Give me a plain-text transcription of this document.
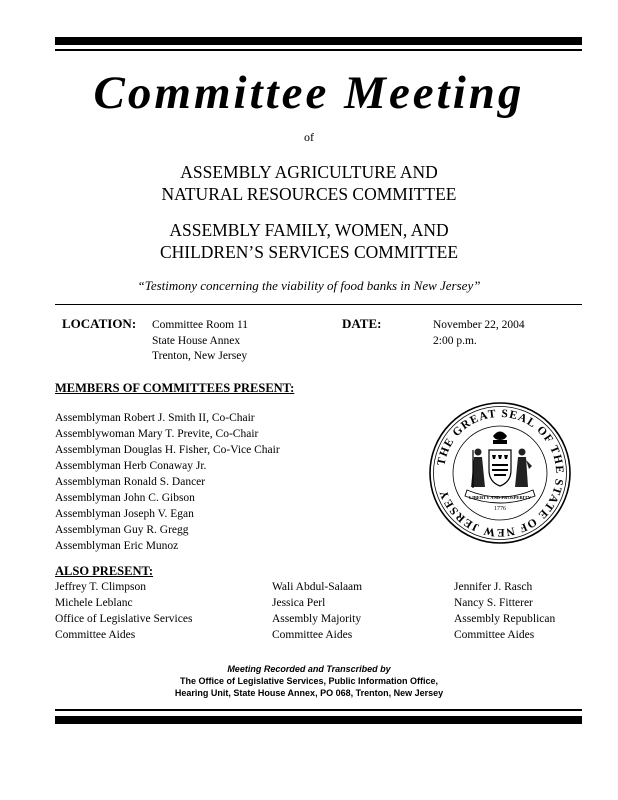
Committee Meeting
of
ASSEMBLY AGRICULTURE AND
NATURAL RESOURCES COMMITTEE
ASSEMBLY FAMILY, WOMEN, AND
CHILDREN’S SERVICES COMMITTEE
“Testimony concerning the viability of food banks in New Jersey”
LOCATION: Committee Room 11
State House Annex
Trenton, New Jersey
DATE:	November 22, 2004
2:00 p.m.
MEMBERS OF COMMITTEES PRESENT:
Assemblyman Robert J. Smith II, Co-Chair
Assemblywoman Mary T. Previte, Co-Chair
Assemblyman Douglas H. Fisher, Co-Vice Chair
Assemblyman Herb Conaway Jr.
Assemblyman Ronald S. Dancer
Assemblyman John C. Gibson
Assemblyman Joseph V. Egan
Assemblyman Guy R. Gregg
Assemblyman Eric Munoz
THE GREAT SEAL OF THE STATE OF NEW JERSEY	LIBERTY AND PROSPERITY
1776
ALSO PRESENT:
Jeffrey T. Climpson
Michele Leblanc
Office of Legislative Services
Committee Aides
Wali Abdul-Salaam
Jessica Perl
Assembly Majority
Committee Aides
Jennifer J. Rasch
Nancy S. Fitterer
Assembly Republican
Committee Aides
Meeting Recorded and Transcribed by
The Office of Legislative Services, Public Information Office,
Hearing Unit, State House Annex, PO 068, Trenton, New Jersey
